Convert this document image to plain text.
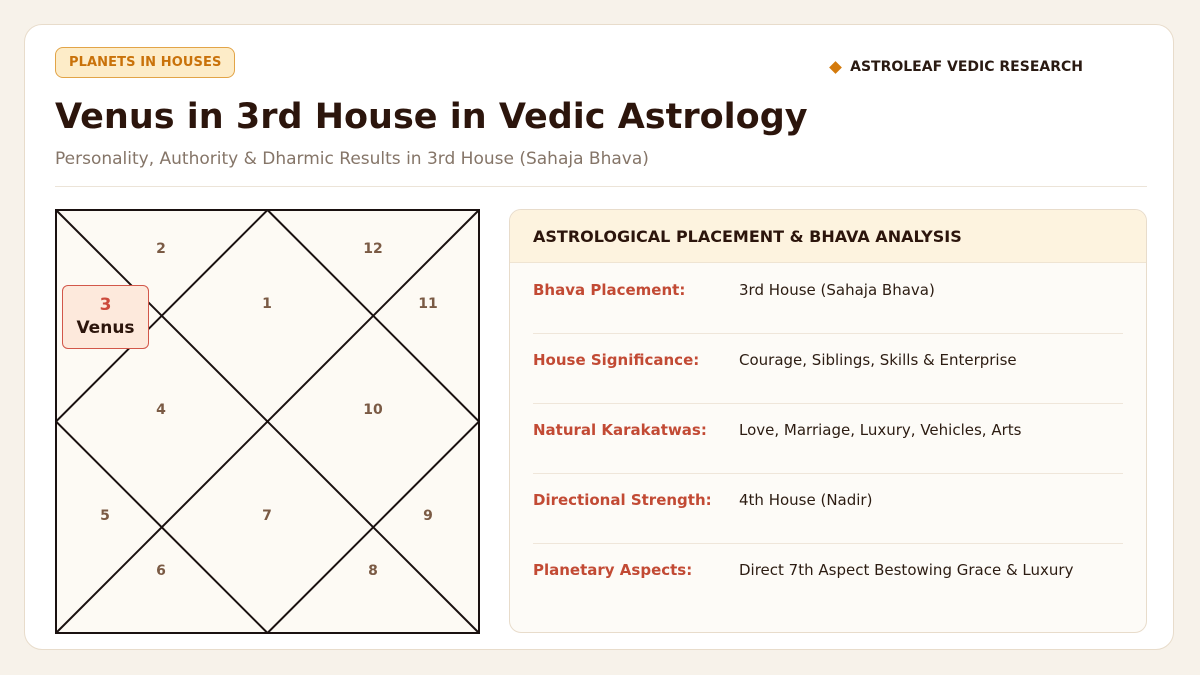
PLANETS IN HOUSES	ASTROLEAF VEDIC RESEARCH
Venus in 3rd House in Vedic Astrology
Personality, Authority & Dharmic Results in 3rd House (Sahaja Bhava)
1
2
7
4
5
6	8
9
10
11
12
3
Venus
ASTROLOGICAL PLACEMENT & BHAVA ANALYSIS
Bhava Placement:	3rd House (Sahaja Bhava)
House Significance:	Courage, Siblings, Skills & Enterprise
Natural Karakatwas:	Love, Marriage, Luxury, Vehicles, Arts
Directional Strength:	4th House (Nadir)
Planetary Aspects:	Direct 7th Aspect Bestowing Grace & Luxury
